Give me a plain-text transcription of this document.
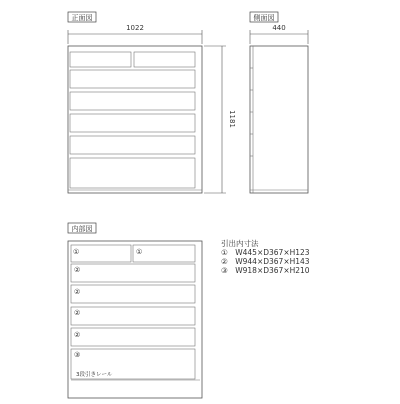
正面図
1022
1181
側面図
440
内部図
①	①
②
②
②
②
③
3段引きレール
引出内寸法
①　W445×D367×H123
②　W944×D367×H143
③　W918×D367×H210
